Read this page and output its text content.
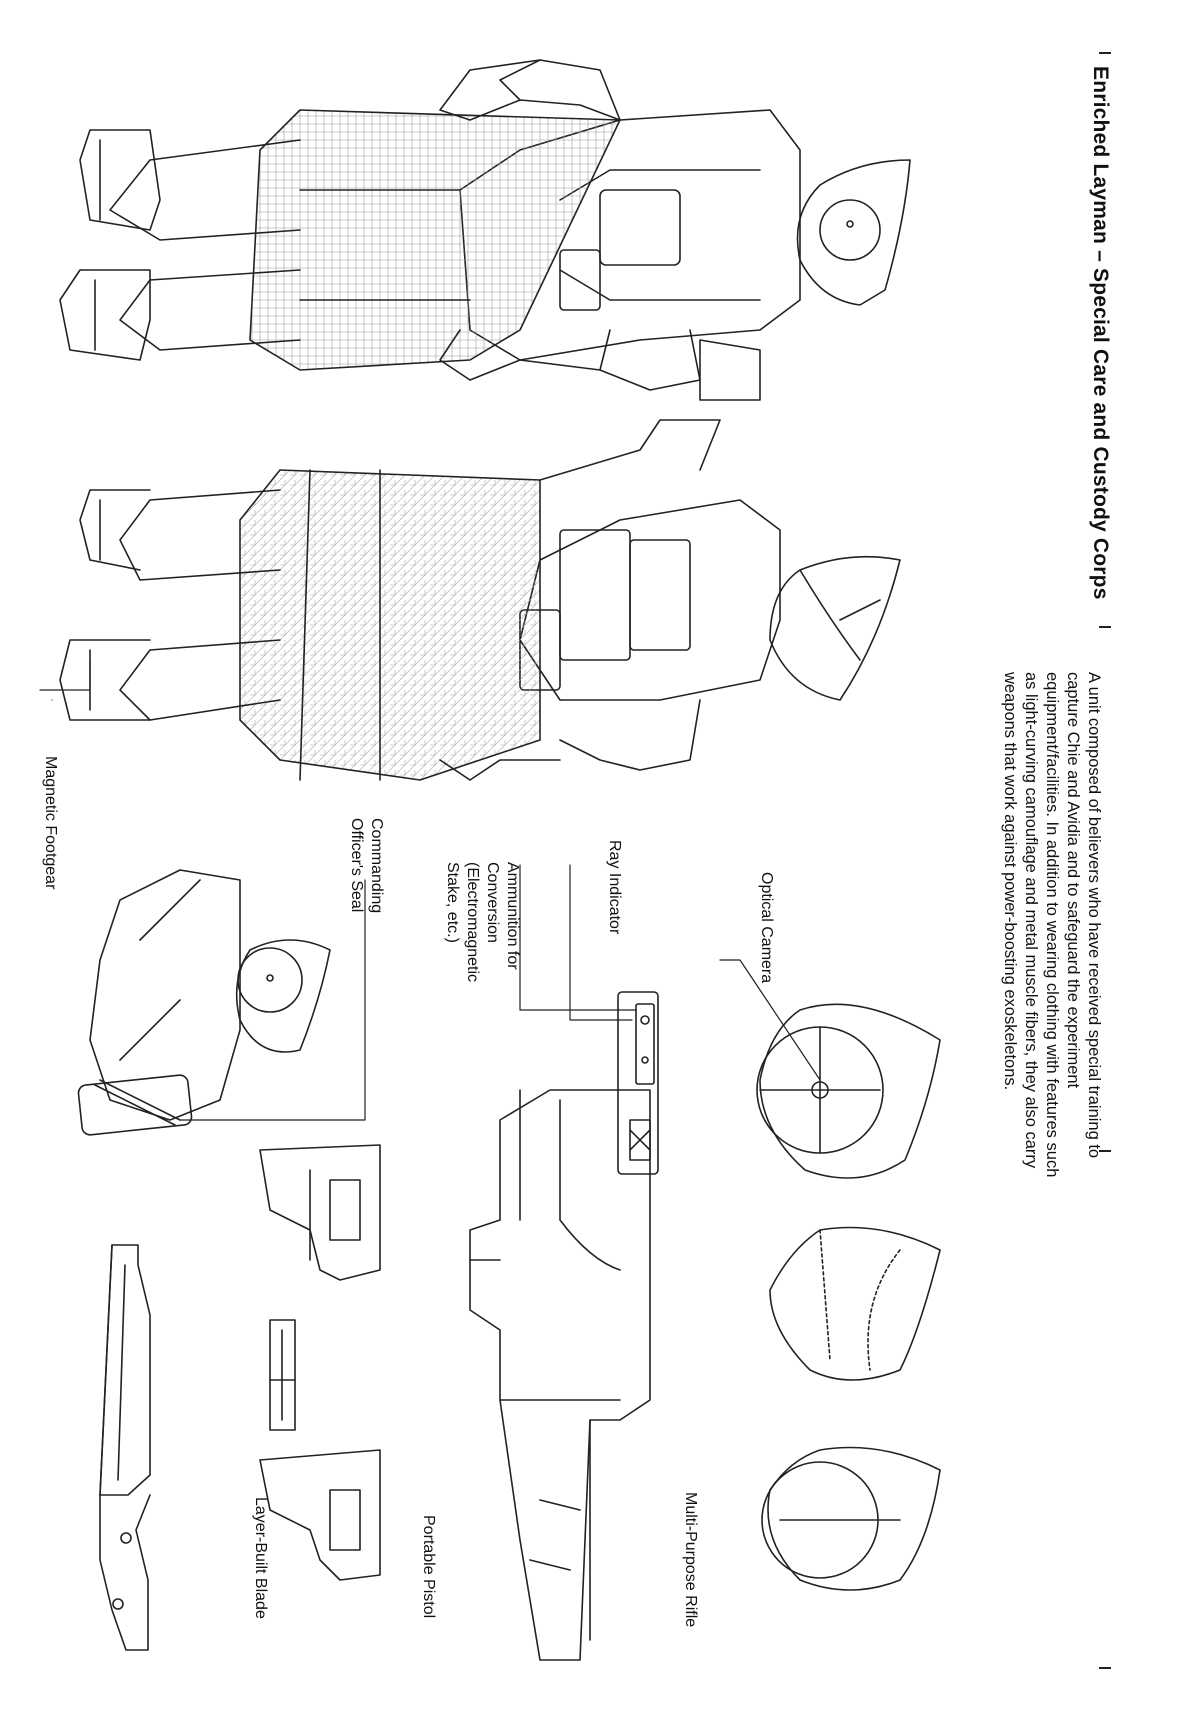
Enriched Layman – Special Care and Custody Corps

A unit composed of believers who have received special training to capture Chie and Avidia and to safeguard the experiment equipment/facilities. In addition to wearing clothing with features such as light-curving camouflage and metal muscle fibers, they also carry weapons that work against power-boosting exoskeletons.

Magnetic Footgear	Commanding Officer's Seal	Ammunition for Conversion (Electromagnetic Stake, etc.)	Ray Indicator	Optical Camera

Multi-Purpose Rifle

Portable Pistol

Layer-Built Blade
